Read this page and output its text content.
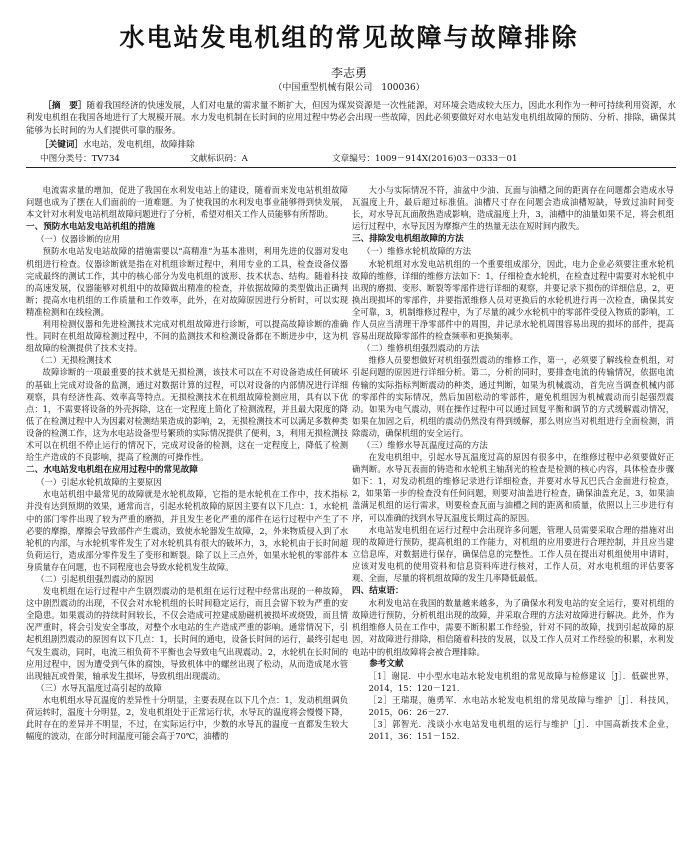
水电站发电机组的常见故障与故障排除
李志勇
（中国重型机械有限公司　100036）
［摘　要］随着我国经济的快速发展，人们对电量的需求量不断扩大，但因为煤炭资源是一次性能源，对环境会造成较大压力，因此水利作为一种可持续利用资源，水利发电机组在我国各地进行了大规模开展。水力发电机制在长时间的应用过程中势必会出现一些故障，因此必须要做好对水电站发电机组故障的预防、分析、排除，确保其能够为长时间的为人们提供可靠的服务。
［关键词］水电站，发电机组，故障排除
中图分类号：TV734	文献标识码：A	文章编号：1009－914X(2016)03－0333－01

电流需求量的增加，促进了我国在水利发电站上的建设，随着而来发电站机组故障问题也成为了摆在人们面前的一道难题。为了使我国的水利发电事业能够得到快发展，本文针对水利发电站机组故障问题进行了分析，希望对相关工作人员能够有所帮助。

一、预防水电站发电站机组的措施
（一）仪器诊断的应用

预防水电站发电站故障的措施需要以“高精准”为基本准则，利用先进的仪器对发电机组进行检查。仪器诊断就是指在对机组诊断过程中，利用专业的工具，检查设备仪器完成最终的测试工作，其中的核心部分为发电机组的波形、技术状态、结构。随着科技的高速发展，仪器能够对机组中的故障做出精准的检查，并依据故障的类型做出正确判断；提高水电机组的工作质量和工作效率，此外，在对故障原因进行分析时，可以实现精准检测和在线检测。

利用检测仪器和先进检测技术完成对机组故障进行诊断，可以提高故障诊断的准确性。同时在机组故障检测过程中，不间的监测技术和检测设备都在不断进步中，这为机组故障的检测提供了技术支持。

（二）无损检测技术

故障诊断的一项最重要的技术就是无损检测，该技术可以在不对设备造成任何破坏的基础上完成对设备的监测，通过对数据计算的过程，可以对设备的内部情况进行详细观察，具有经济性高、效率高等特点。无损检测技术在机组故障检测应用，具有以下优点：1，不需要将设备的外壳拆除，这在一定程度上简化了检测流程，并且最大限度的降低了在检测过程中人为因素对检测结果造成的影响，2，无损检测技术可以满足多数种类设备的检测工作，这为水电站设备型号繁琐的实际情况提供了便利，3，利用无损检测技术可以在机组不停止运行的情况下，完成对设备的检测，这在一定程度上，降低了检测给生产造成的不良影响，提高了检测的可操作性。

二、水电站发电机组在应用过程中的常见故障
（一）引起水轮机故障的主要原因

水电站机组中最常见的故障就是水轮机故障，它指的是水轮机在工作中，技术指标并没有达到预期的效果，通常而言，引起水轮机故障的原因主要有以下几点：1，水轮机中的部门零件出现了较为严重的磨损，并且发生老化严重的部件在运行过程中产生了不必要的摩擦，摩擦会导致部件产生震动，致使水轮器发生故障，2，外来物质侵入到了水轮机的内部，与水轮机零件发生了对水轮机具有很大的破坏力，3，水轮机由于长时间超负荷运行，造成部分零件发生了变形和断裂。除了以上三点外，如果水轮机的零部件本身质量存在问题，也不同程度也会导致水轮机发生故障。

（二）引起机组强烈震动的原因

发电机组在运行过程中产生剧烈震动的是机组在运行过程中经常出现的一种故障，这中剧烈震动的出现，不仅会对水轮机组的长时间稳定运行，而且会留下较为严重的安全隐患。如果震动的持续时间较长，不仅会造成可控建成励磁机被损坏或烧毁，而且情况严重时，将会引发安全事故，对整个水电站的生产造成严重的影响。通常情况下，引起机组剧烈震动的原因有以下几点：1，长时间的通电，设备长时间的运行，最终引起电气发生震动，同时，电流三相负荷不平衡也会导致电气出现震动。2，水轮机在长时间的应用过程中，因为遭受到气体的腐蚀，导致机体中的螺丝出现了松动，从而造成尾水管出现轴瓦或骨架，轴承发生损坏，导致机组出现震动。

（三）水导瓦温度过高引起的故障

水电机组水导瓦温度的差异性十分明显，主要表现在以下几个点：1，发动机组调负荷运转时，温度十分明显，2，发电机组处于正常运行状，水导瓦的温度将会慢慢下降，此时存在的差异并不明显，不过，在实际运行中，少数的水导瓦的温度一直都发生较大幅度的波动，在部分时间温度可能会高于70℃，油槽的

大小与实际情况不符，油盆中少油、瓦面与油槽之间的距离存在问题都会造成水导瓦温度上升，最后超过标准值。油槽尺寸存在问题会造成油槽短缺，导致过油时间变长，对水导瓦瓦面散热造成影响，造成温度上升，3，油槽中的油量如果不足，将会机组运行过程中，水导瓦因为摩擦产生的热量无法在短时间内散失。

三、排除发电机组故障的方法
（一）维修水轮机故障的方法

水轮机组对水发电站机组的一个重要组成部分，因此，电力企业必须要注重水轮机故障的维修，详细的维修方法如下：1，仔细检查水轮机，在检查过程中需要对水轮机中出现的磨损、变形、断裂等零部件进行详细的观察，并要记录下损伤的详细信息，2，更换出现损坏的零部件，并要指派维修人员对更换后的水轮机进行再一次检查，确保其安全可靠，3，机制维修过程中，为了尽量的减少水轮机中的零部件受侵入物质的影响，工作人员应当清理干净零部件中的周围，并记录水轮机周围容易出现的损坏的部件，提高容易出现故障零部件的检查频率和更换频率。

（二）维修机组强烈震动的方法

维修人员要想做好对机组强烈震动的维修工作，第一，必须要了解线检查机组，对引起问题的原因进行详细分析。第二，分析的同时，要排查电流的传输情况，依据电流传输的实际指标判断震动的种类，通过判断，如果为机械震动，首先应当调查机械内部的零部件的实际情况，然后加固松动的零部件，避免机组因为机械震动而引起强烈震动。如果为电气震动，则在操作过程中可以通过回复平衡和调节的方式缓解震动情况，如果在加固之后，机组的震动仍然没有得到缓解，那么则应当对机组进行全面检测，消除震动，确保机组的安全运行。

（三）维修水导瓦温度过高的方法

在发电机组中，引起水导瓦温度过高的原因有很多中，在维修过程中必须要做好正确判断。水导瓦表面的铸造和水轮机主轴刮光的检查是检测的核心内容，具体检查步骤如下：1，对发动机组的维修记录进行详细检查，并要对水导瓦巴氏合金面进行检查，2，如果第一步的检查没有任何问题，则要对油盖进行检查，确保油盖充足，3，如果油盖满足机组的运行需求，则要检查瓦面与油槽之间的距离和质量，依照以上三步进行有序，可以准确的找到水导瓦温度长期过高的原因。

水电站发电机组在运行过程中会出现许多问题，管理人员需要采取合理的措施对出现的故障进行预防，提高机组的工作能力，对机组的应用要进行合理控制，并且应当建立信息库，对数据进行保存，确保信息的完整性。工作人员在提出对机组使用申请时，应该对发电机的使用资料和信息资料库进行核对，工作人员，对水电机组的评估要客观、全面，尽量的将机组故障的发生几率降低最低。

四、结束语：

水利发电站在我国的数量越来越多，为了确保水利发电站的安全运行，要对机组的故障进行预防，分析机组出现的故障，并采取合理的方法对故障进行解决。此外，作为机组维修人员在工作中，需要不断积累工作经验，针对不同的故障，找到引起故障的原因，对故障进行排除，相信随着科技的发展，以及工作人员对工作经验的积累，水利发电站中的机组故障将会被合理排除。

参考文献

［1］谢昆．中小型水电站水轮发电机组的常见故障与检修建议［J］．低碳世界，2014，15：120－121．

［2］王瑞琨，施勇军．水电站水轮发电机组的常见故障与维护［J］．科技风，2015，06：26－27．

［3］郭智光．浅谈小水电站发电机组的运行与维护［J］．中国高新技术企业，2011，36：151－152．
